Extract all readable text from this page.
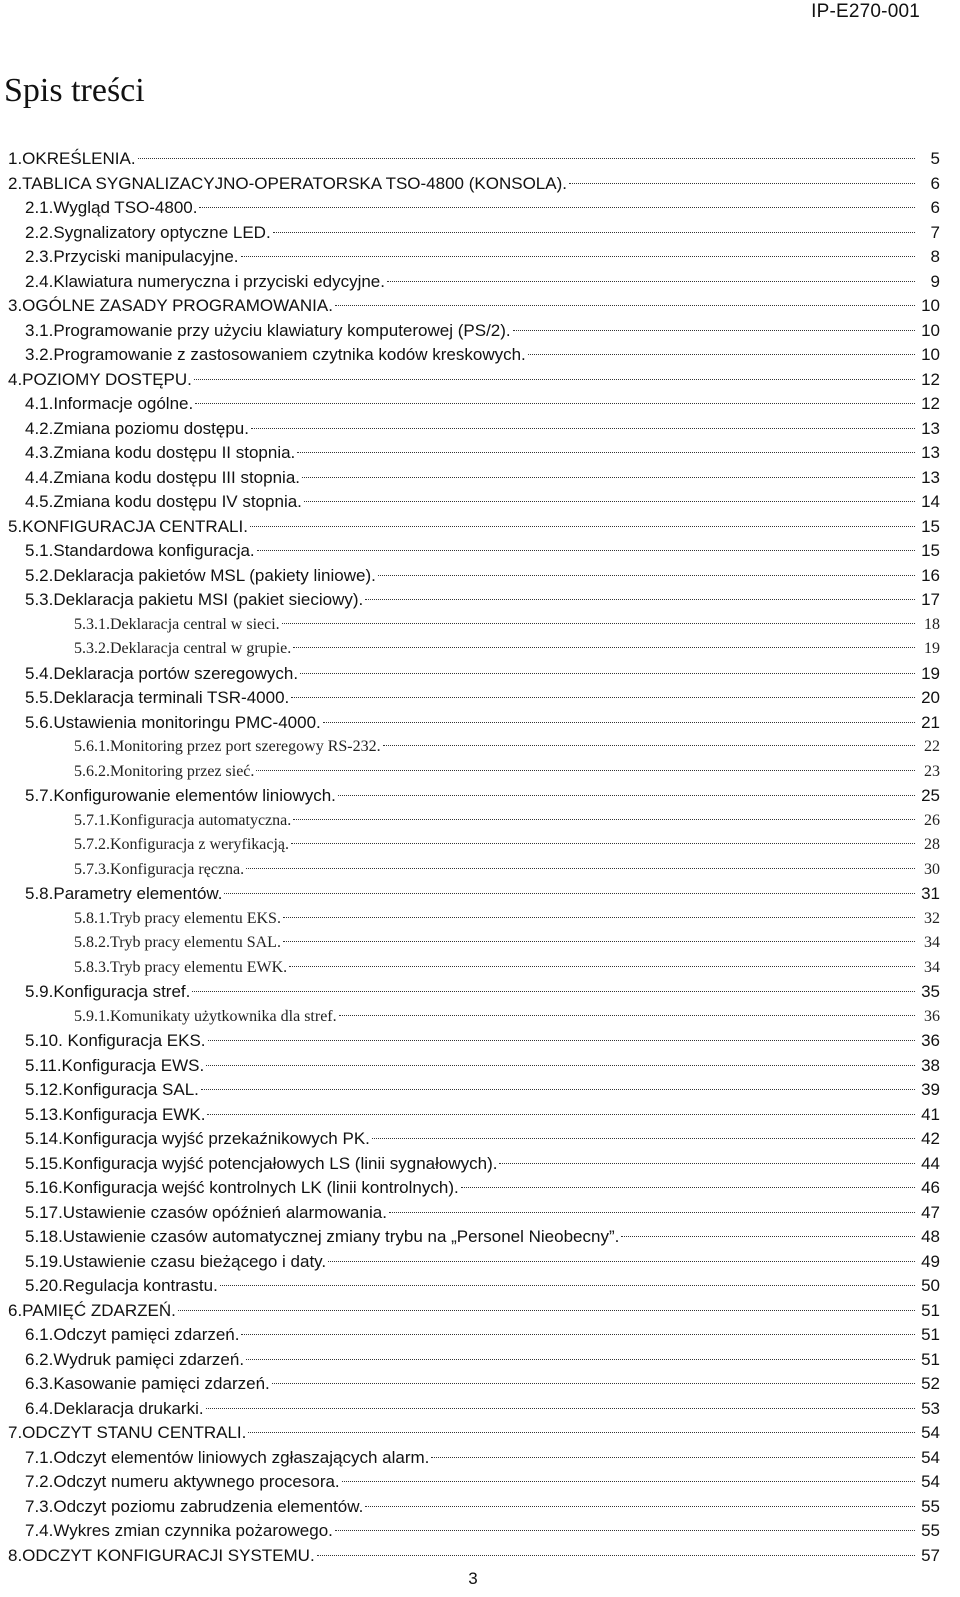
IP-E270-001
Spis treści
1.OKREŚLENIA.	5
2.TABLICA SYGNALIZACYJNO-OPERATORSKA TSO-4800 (KONSOLA).	6
2.1.Wygląd TSO-4800.	6
2.2.Sygnalizatory optyczne LED.	7
2.3.Przyciski manipulacyjne.	8
2.4.Klawiatura numeryczna i przyciski edycyjne.	9
3.OGÓLNE ZASADY PROGRAMOWANIA.	10
3.1.Programowanie przy użyciu klawiatury komputerowej (PS/2).	10
3.2.Programowanie z zastosowaniem czytnika kodów kreskowych.	10
4.POZIOMY DOSTĘPU.	12
4.1.Informacje ogólne.	12
4.2.Zmiana poziomu dostępu.	13
4.3.Zmiana kodu dostępu II stopnia.	13
4.4.Zmiana kodu dostępu III stopnia.	13
4.5.Zmiana kodu dostępu IV stopnia.	14
5.KONFIGURACJA CENTRALI.	15
5.1.Standardowa konfiguracja.	15
5.2.Deklaracja pakietów MSL (pakiety liniowe).	16
5.3.Deklaracja pakietu MSI (pakiet sieciowy).	17
5.3.1.Deklaracja central w sieci.	18
5.3.2.Deklaracja central w grupie.	19
5.4.Deklaracja portów szeregowych.	19
5.5.Deklaracja terminali TSR-4000.	20
5.6.Ustawienia monitoringu PMC-4000.	21
5.6.1.Monitoring przez port szeregowy RS-232.	22
5.6.2.Monitoring przez sieć.	23
5.7.Konfigurowanie elementów liniowych.	25
5.7.1.Konfiguracja automatyczna.	26
5.7.2.Konfiguracja z weryfikacją.	28
5.7.3.Konfiguracja ręczna.	30
5.8.Parametry elementów.	31
5.8.1.Tryb pracy elementu EKS.	32
5.8.2.Tryb pracy elementu SAL.	34
5.8.3.Tryb pracy elementu EWK.	34
5.9.Konfiguracja stref.	35
5.9.1.Komunikaty użytkownika dla stref.	36
5.10. Konfiguracja EKS.	36
5.11.Konfiguracja EWS.	38
5.12.Konfiguracja SAL.	39
5.13.Konfiguracja EWK.	41
5.14.Konfiguracja wyjść przekaźnikowych PK.	42
5.15.Konfiguracja wyjść potencjałowych LS (linii sygnałowych).	44
5.16.Konfiguracja wejść kontrolnych LK (linii kontrolnych).	46
5.17.Ustawienie czasów opóźnień alarmowania.	47
5.18.Ustawienie czasów automatycznej zmiany trybu na „Personel Nieobecny”.	48
5.19.Ustawienie czasu bieżącego i daty.	49
5.20.Regulacja kontrastu.	50
6.PAMIĘĆ ZDARZEŃ.	51
6.1.Odczyt pamięci zdarzeń.	51
6.2.Wydruk pamięci zdarzeń.	51
6.3.Kasowanie pamięci zdarzeń.	52
6.4.Deklaracja drukarki.	53
7.ODCZYT STANU CENTRALI.	54
7.1.Odczyt elementów liniowych zgłaszających alarm.	54
7.2.Odczyt numeru aktywnego procesora.	54
7.3.Odczyt poziomu zabrudzenia elementów.	55
7.4.Wykres zmian czynnika pożarowego.	55
8.ODCZYT KONFIGURACJI SYSTEMU.	57
3
